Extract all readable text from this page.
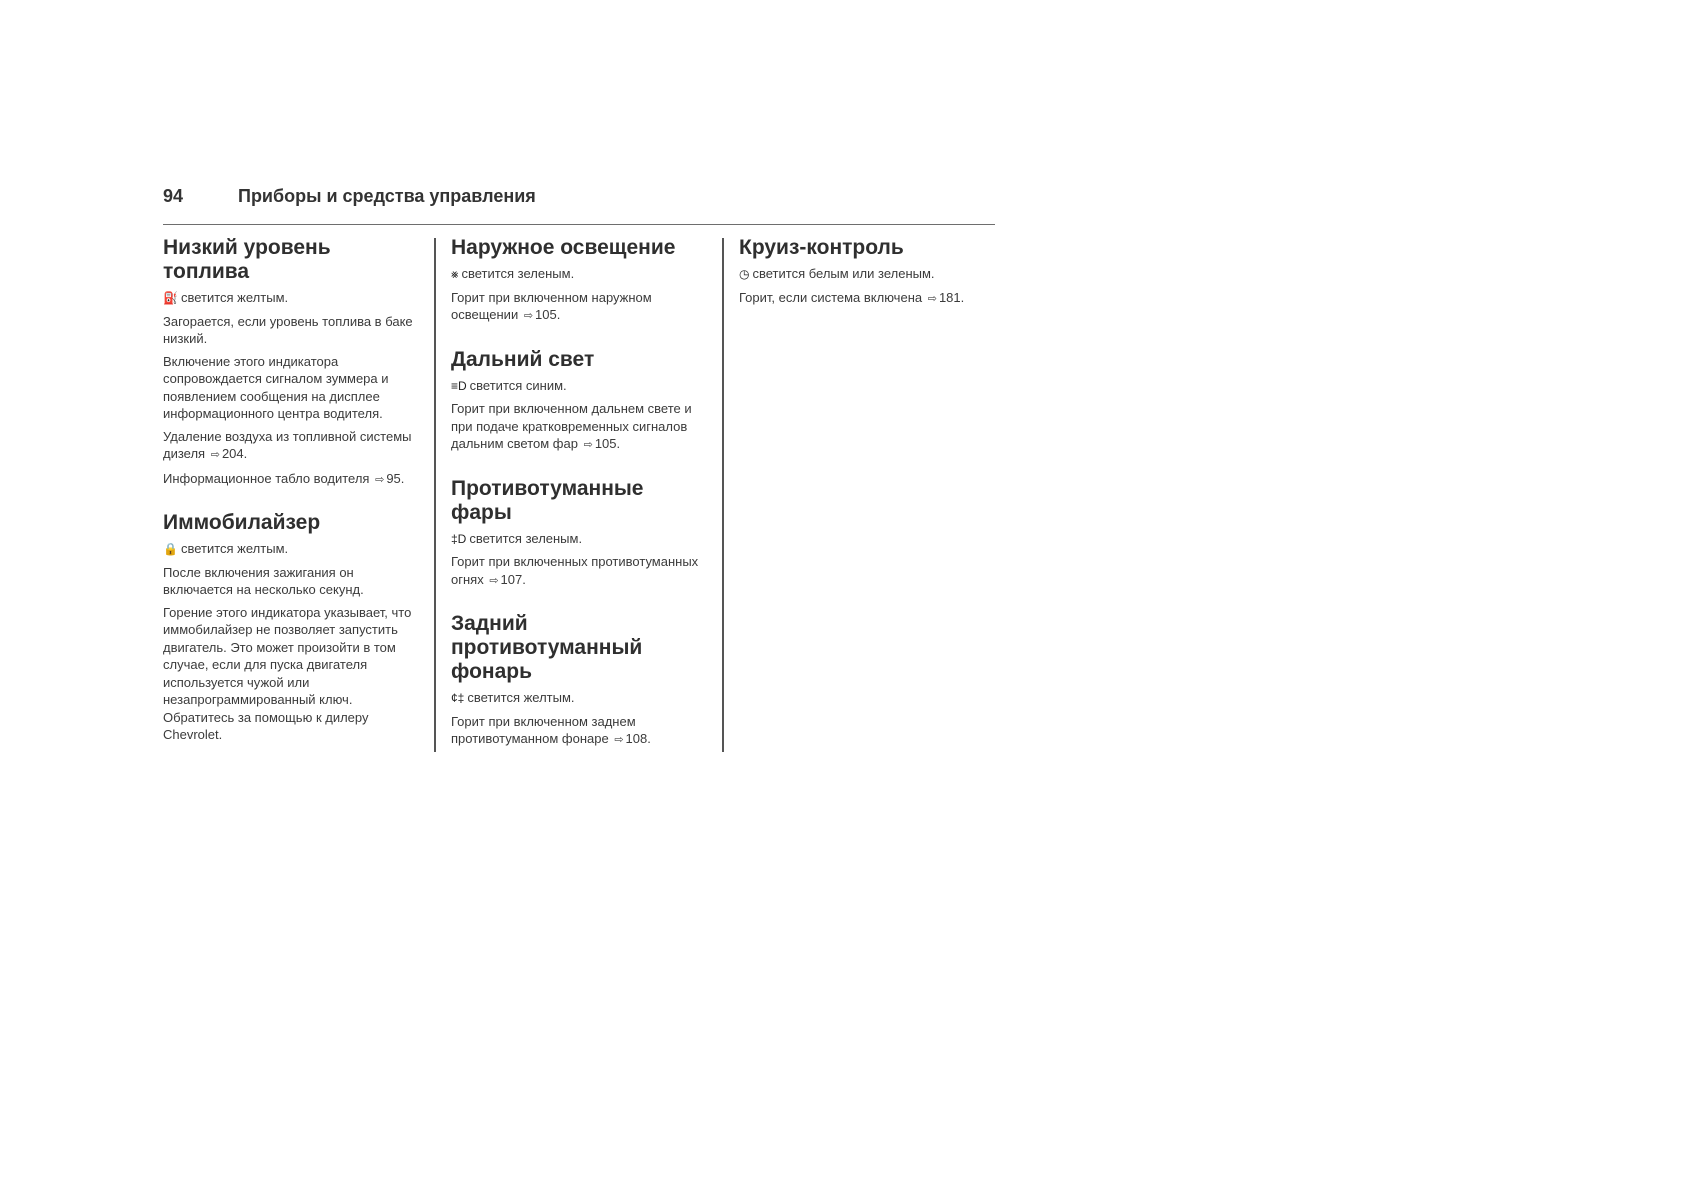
94	Приборы и средства управления
Низкий уровень топлива

⛽ светится желтым.

Загорается, если уровень топлива в баке низкий.

Включение этого индикатора сопровождается сигналом зуммера и появлением сообщения на дисплее информационного центра водителя.

Удаление воздуха из топливной системы дизеля ⇨ 204.

Информационное табло водителя ⇨ 95.

Иммобилайзер

🔒 светится желтым.

После включения зажигания он включается на несколько секунд.

Горение этого индикатора указывает, что иммобилайзер не позволяет запустить двигатель. Это может произойти в том случае, если для пуска двигателя используется чужой или незапрограммированный ключ. Обратитесь за помощью к дилеру Chevrolet.

Наружное освещение

⨳ светится зеленым.

Горит при включенном наружном освещении ⇨ 105.

Дальний свет

≡D светится синим.

Горит при включенном дальнем свете и при подаче кратковременных сигналов дальним светом фар ⇨ 105.

Противотуманные фары

‡D светится зеленым.

Горит при включенных противотуманных огнях ⇨ 107.

Задний противотуманный фонарь

¢‡ светится желтым.

Горит при включенном заднем противотуманном фонаре ⇨ 108.

Круиз-контроль

◷ светится белым или зеленым.

Горит, если система включена ⇨ 181.
